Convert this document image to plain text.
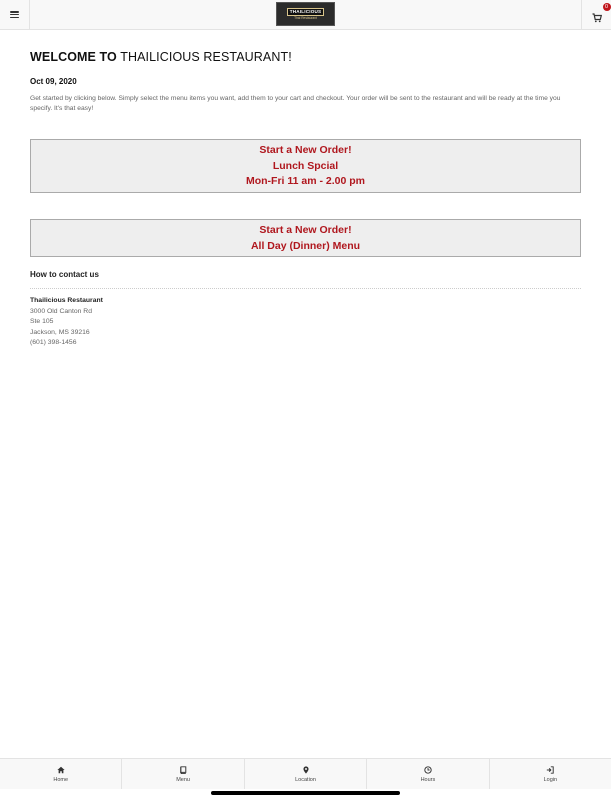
THAILICIOUS
Thai Restaurant
0
WELCOME TO THAILICIOUS RESTAURANT!
Oct 09, 2020
Get started by clicking below. Simply select the menu items you want, add them to your cart and checkout. Your order will be sent to the restaurant and will be ready at the time you specify. It's that easy!
Start a New Order!
Lunch Spcial
Mon-Fri 11 am - 2.00 pm
Start a New Order!
All Day (Dinner) Menu
How to contact us
Thailicious Restaurant
3000 Old Canton Rd
Ste 105
Jackson, MS 39216
(601) 398-1456
Home	Menu	Location	Hours	Login
